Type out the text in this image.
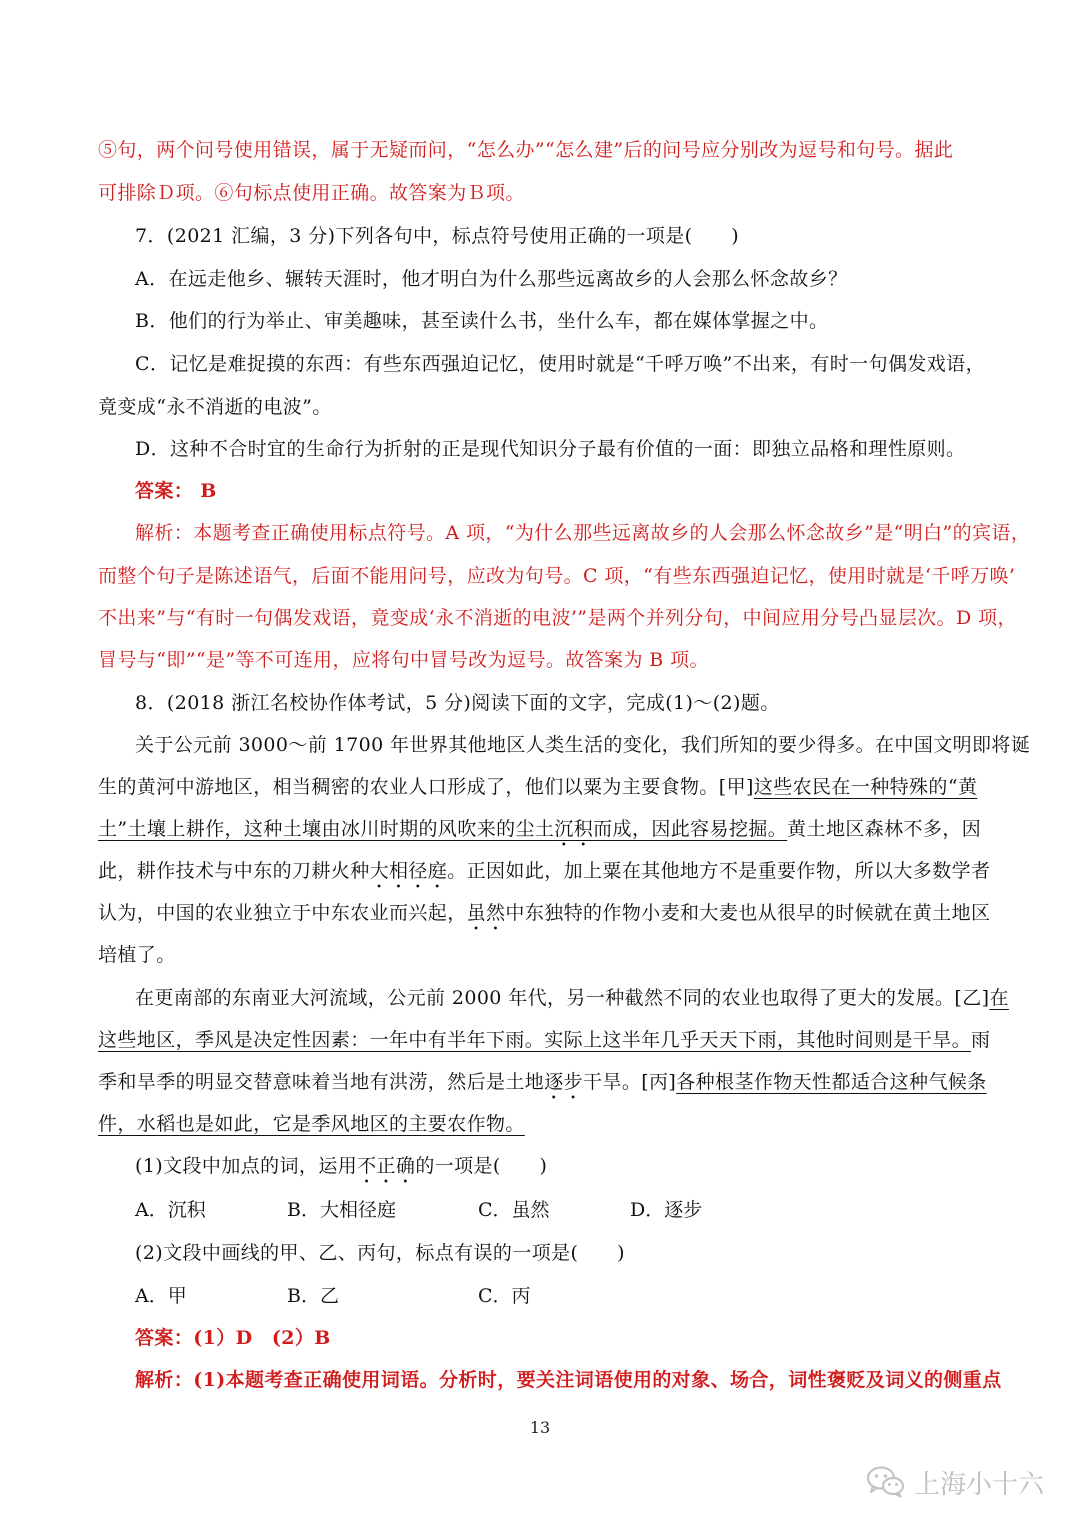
⑤句，两个问号使用错误，属于无疑而问，“怎么办”“怎么建”后的问号应分别改为逗号和句号。据此
可排除Ｄ项。⑥句标点使用正确。故答案为Ｂ项。
7．(2021 汇编，3 分)下列各句中，标点符号使用正确的一项是(　　)
A．在远走他乡、辗转天涯时，他才明白为什么那些远离故乡的人会那么怀念故乡？
B．他们的行为举止、审美趣味，甚至读什么书，坐什么车，都在媒体掌握之中。
C．记忆是难捉摸的东西：有些东西强迫记忆，使用时就是“千呼万唤”不出来，有时一句偶发戏语，
竟变成“永不消逝的电波”。
D．这种不合时宜的生命行为折射的正是现代知识分子最有价值的一面：即独立品格和理性原则。
答案： B
解析：本题考查正确使用标点符号。A 项，“为什么那些远离故乡的人会那么怀念故乡”是“明白”的宾语，
而整个句子是陈述语气，后面不能用问号，应改为句号。C 项，“有些东西强迫记忆，使用时就是‘千呼万唤’
不出来”与“有时一句偶发戏语，竟变成‘永不消逝的电波’”是两个并列分句，中间应用分号凸显层次。D 项，
冒号与“即”“是”等不可连用，应将句中冒号改为逗号。故答案为 B 项。
8．(2018 浙江名校协作体考试，5 分)阅读下面的文字，完成(1)～(2)题。
关于公元前 3000～前 1700 年世界其他地区人类生活的变化，我们所知的要少得多。在中国文明即将诞
生的黄河中游地区，相当稠密的农业人口形成了，他们以粟为主要食物。[甲]这些农民在一种特殊的“黄
土”土壤上耕作，这种土壤由冰川时期的风吹来的尘土沉积而成，因此容易挖掘。黄土地区森林不多，因
此，耕作技术与中东的刀耕火种大相径庭。正因如此，加上粟在其他地方不是重要作物，所以大多数学者
认为，中国的农业独立于中东农业而兴起，虽然中东独特的作物小麦和大麦也从很早的时候就在黄土地区
培植了。
在更南部的东南亚大河流域，公元前 2000 年代，另一种截然不同的农业也取得了更大的发展。[乙]在
这些地区，季风是决定性因素：一年中有半年下雨。实际上这半年几乎天天下雨，其他时间则是干旱。雨
季和旱季的明显交替意味着当地有洪涝，然后是土地逐步干旱。[丙]各种根茎作物天性都适合这种气候条
件，水稻也是如此，它是季风地区的主要农作物。
(1)文段中加点的词，运用不正确的一项是(　　)
A．沉积	B．大相径庭	C．虽然	D．逐步
(2)文段中画线的甲、乙、丙句，标点有误的一项是(　　)
A．甲	B．乙	C．丙
答案：(1）D　(2）B
解析：(1)本题考查正确使用词语。分析时，要关注词语使用的对象、场合，词性褒贬及词义的侧重点
13
上海小十六
